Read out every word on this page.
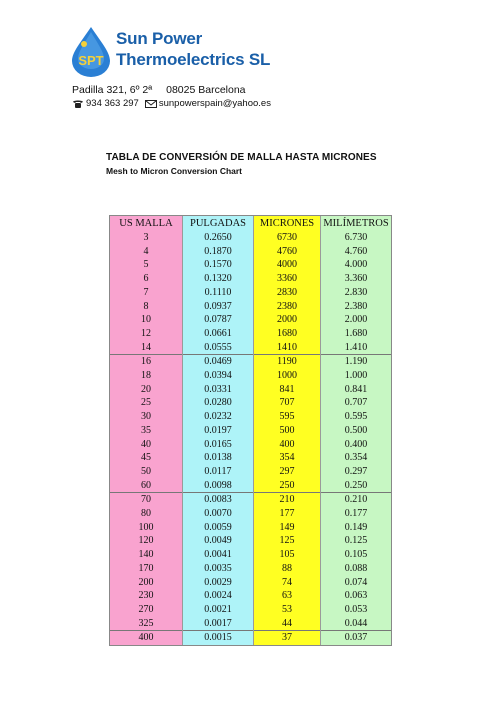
SPT
Sun Power
Thermoelectrics SL
Padilla 321, 6º 2ª 08025 Barcelona
934 363 297 sunpowerspain@yahoo.es
TABLA DE CONVERSIÓN DE MALLA HASTA MICRONES
Mesh to Micron Conversion Chart
US MALLA	PULGADAS	MICRONES	MILÍMETROS
3	0.2650	6730	6.730
4	0.1870	4760	4.760
5	0.1570	4000	4.000
6	0.1320	3360	3.360
7	0.1110	2830	2.830
8	0.0937	2380	2.380
10	0.0787	2000	2.000
12	0.0661	1680	1.680
14	0.0555	1410	1.410
16	0.0469	1190	1.190
18	0.0394	1000	1.000
20	0.0331	841	0.841
25	0.0280	707	0.707
30	0.0232	595	0.595
35	0.0197	500	0.500
40	0.0165	400	0.400
45	0.0138	354	0.354
50	0.0117	297	0.297
60	0.0098	250	0.250
70	0.0083	210	0.210
80	0.0070	177	0.177
100	0.0059	149	0.149
120	0.0049	125	0.125
140	0.0041	105	0.105
170	0.0035	88	0.088
200	0.0029	74	0.074
230	0.0024	63	0.063
270	0.0021	53	0.053
325	0.0017	44	0.044
400	0.0015	37	0.037
